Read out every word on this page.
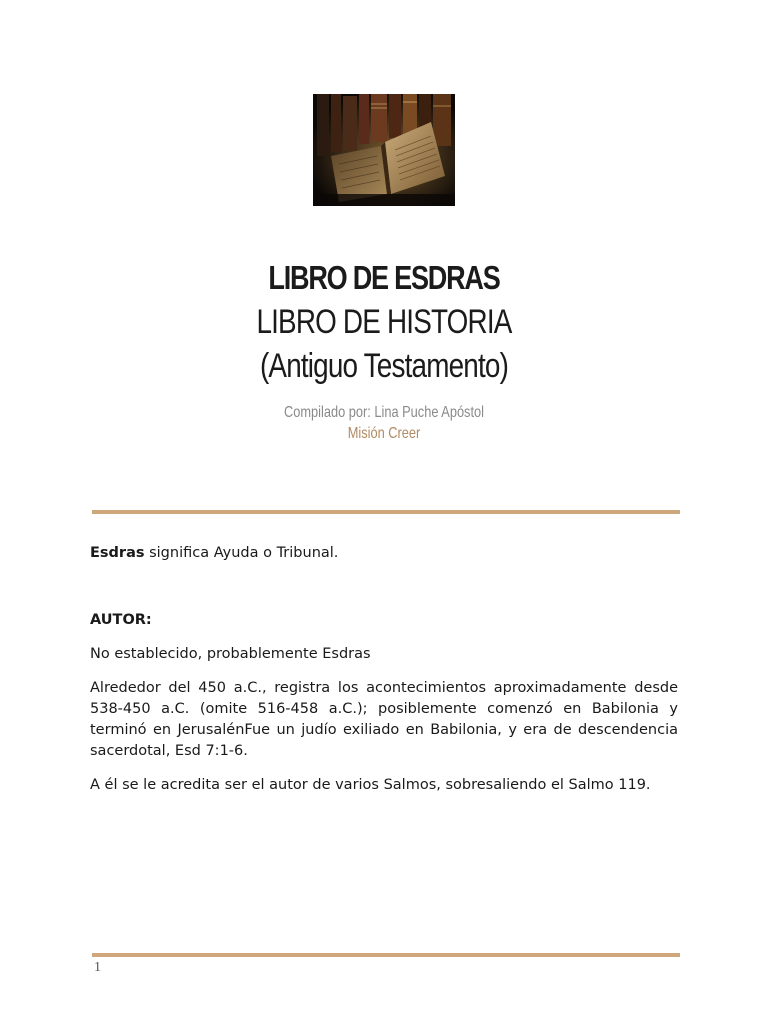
LIBRO DE ESDRAS
LIBRO DE HISTORIA
(Antiguo Testamento)
Compilado por: Lina Puche Apóstol
Misión Creer

Esdras significa Ayuda o Tribunal.

AUTOR:

No establecido, probablemente Esdras

Alrededor del 450 a.C., registra los acontecimientos aproximadamente desde 538-450 a.C. (omite 516-458 a.C.); posiblemente comenzó en Babilonia y terminó en JerusalénFue un judío exiliado en Babilonia, y era de descendencia sacerdotal, Esd 7:1-6.

A él se le acredita ser el autor de varios Salmos, sobresaliendo el Salmo 119.

1
